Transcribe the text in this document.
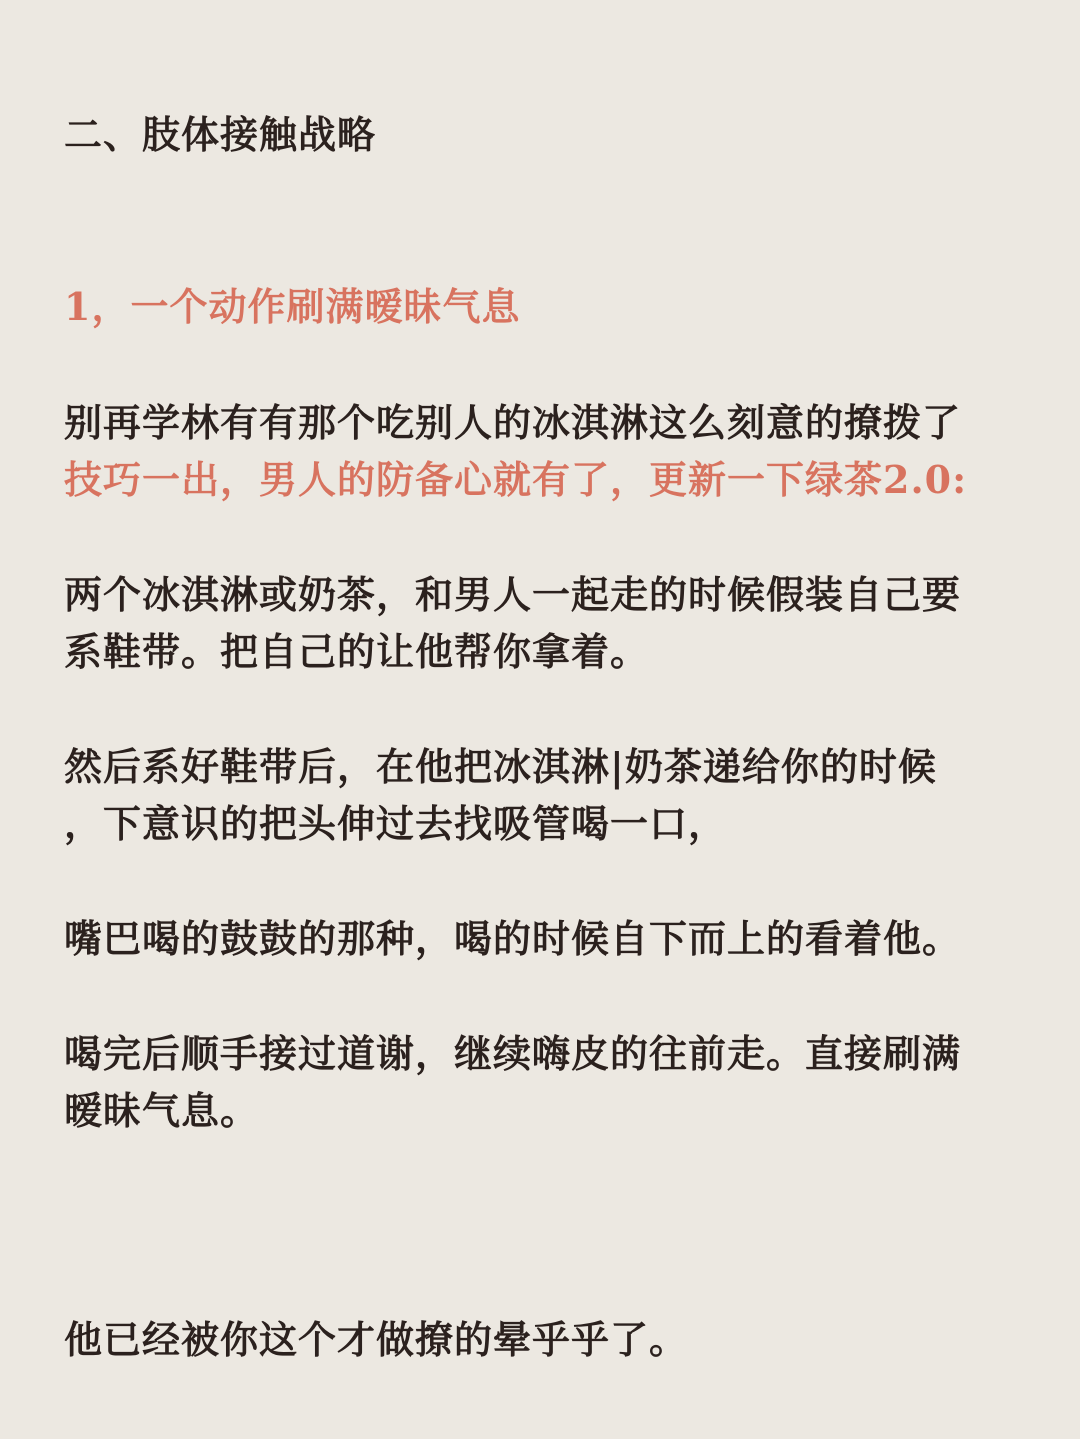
二、肢体接触战略

1，一个动作刷满暧昧气息

别再学林有有那个吃别人的冰淇淋这么刻意的撩拨了

技巧一出，男人的防备心就有了，更新一下绿茶2.0:

两个冰淇淋或奶茶，和男人一起走的时候假装自己要

系鞋带。把自己的让他帮你拿着。

然后系好鞋带后，在他把冰淇淋|奶茶递给你的时候

，下意识的把头伸过去找吸管喝一口，

嘴巴喝的鼓鼓的那种，喝的时候自下而上的看着他。

喝完后顺手接过道谢，继续嗨皮的往前走。直接刷满

暧昧气息。

他已经被你这个才做撩的晕乎乎了。
